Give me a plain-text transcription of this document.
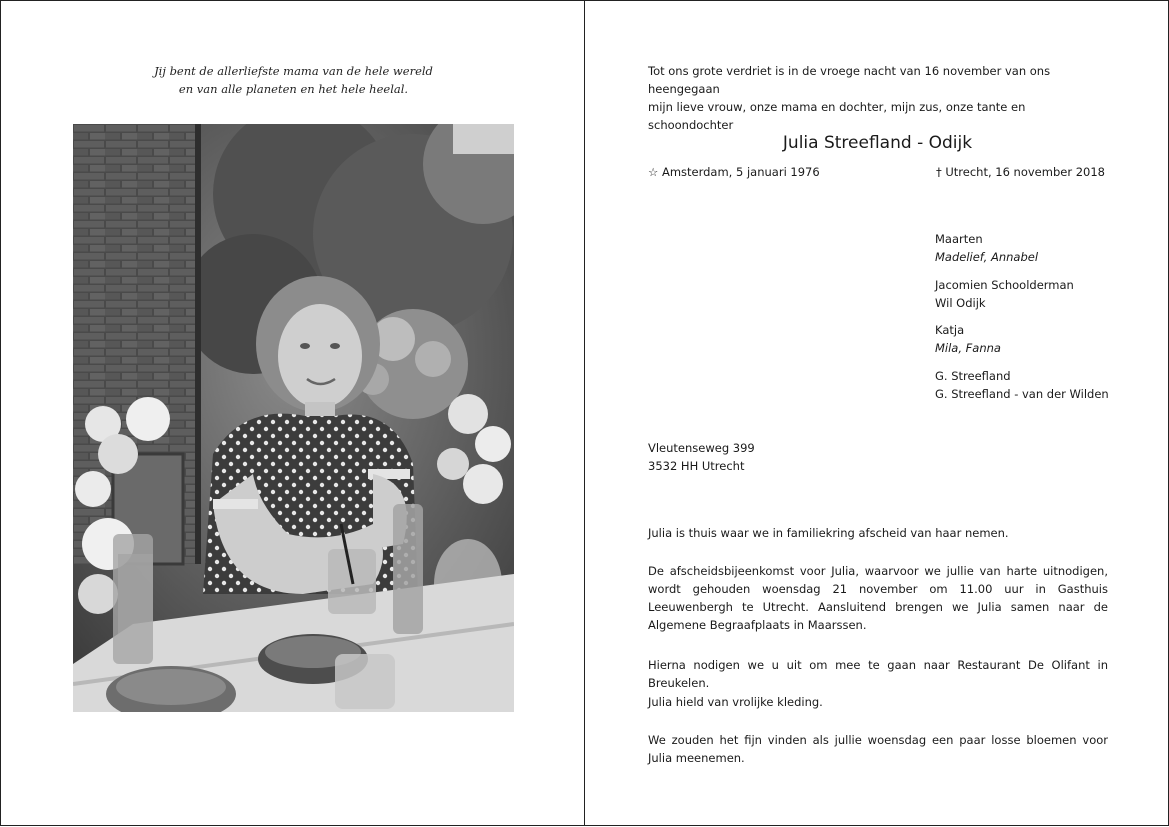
Jij bent de allerliefste mama van de hele wereld
en van alle planeten en het hele heelal.
Tot ons grote verdriet is in de vroege nacht van 16 november van ons heengegaan
mijn lieve vrouw, onze mama en dochter, mijn zus, onze tante en schoondochter
Julia Streefland - Odijk
☆ Amsterdam, 5 januari 1976	† Utrecht, 16 november 2018
Maarten
Madelief, Annabel
Jacomien Schoolderman
Wil Odijk
Katja
Mila, Fanna
G. Streefland
G. Streefland - van der Wilden
Vleutenseweg 399
3532 HH Utrecht
Julia is thuis waar we in familiekring afscheid van haar nemen.
De afscheidsbijeenkomst voor Julia, waarvoor we jullie van harte uitnodigen, wordt gehouden woensdag 21 november om 11.00 uur in Gasthuis Leeuwenbergh te Utrecht. Aansluitend brengen we Julia samen naar de Algemene Begraafplaats in Maarssen.
Hierna nodigen we u uit om mee te gaan naar Restaurant De Olifant in Breukelen.
Julia hield van vrolijke kleding.
We zouden het fijn vinden als jullie woensdag een paar losse bloemen voor Julia meenemen.
